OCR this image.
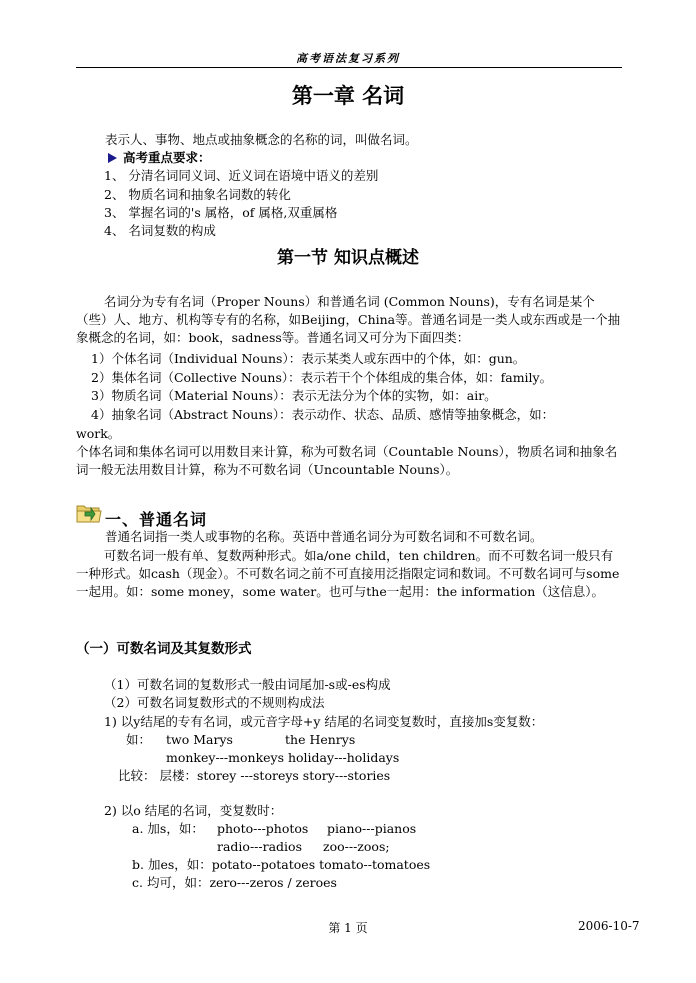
高考语法复习系列
第一章 名词
表示人、事物、地点或抽象概念的名称的词，叫做名词。
高考重点要求：
1、 分清名词同义词、近义词在语境中语义的差别
2、 物质名词和抽象名词数的转化
3、 掌握名词的's 属格，of 属格,双重属格
4、 名词复数的构成
第一节 知识点概述
名词分为专有名词（Proper Nouns）和普通名词 (Common Nouns)，专有名词是某个（些）人、地方、机构等专有的名称，如Beijing，China等。普通名词是一类人或东西或是一个抽象概念的名词，如：book，sadness等。普通名词又可分为下面四类：
1）个体名词（Individual Nouns）：表示某类人或东西中的个体，如：gun。
2）集体名词（Collective Nouns）：表示若干个个体组成的集合体，如：family。
3）物质名词（Material Nouns）：表示无法分为个体的实物，如：air。
4）抽象名词（Abstract Nouns）：表示动作、状态、品质、感情等抽象概念，如：
work。
个体名词和集体名词可以用数目来计算，称为可数名词（Countable Nouns），物质名词和抽象名词一般无法用数目计算，称为不可数名词（Uncountable Nouns）。
一、普通名词
普通名词指一类人或事物的名称。英语中普通名词分为可数名词和不可数名词。
可数名词一般有单、复数两种形式。如a/one child，ten children。而不可数名词一般只有一种形式。如cash（现金）。不可数名词之前不可直接用泛指限定词和数词。不可数名词可与some一起用。如：some money，some water。也可与the一起用：the information（这信息）。
（一）可数名词及其复数形式
（1）可数名词的复数形式一般由词尾加-s或-es构成
（2）可数名词复数形式的不规则构成法
1) 以y结尾的专有名词，或元音字母+y 结尾的名词变复数时，直接加s变复数：
如： two Marys	the Henrys
monkey---monkeys holiday---holidays
比较： 层楼：storey ---storeys story---stories
2) 以o 结尾的名词，变复数时：
a. 加s，如： photo---photos piano---pianos
radio---radios zoo---zoos;
b. 加es，如：potato--potatoes tomato--tomatoes
c. 均可，如：zero---zeros / zeroes
第 1 页	2006-10-7
